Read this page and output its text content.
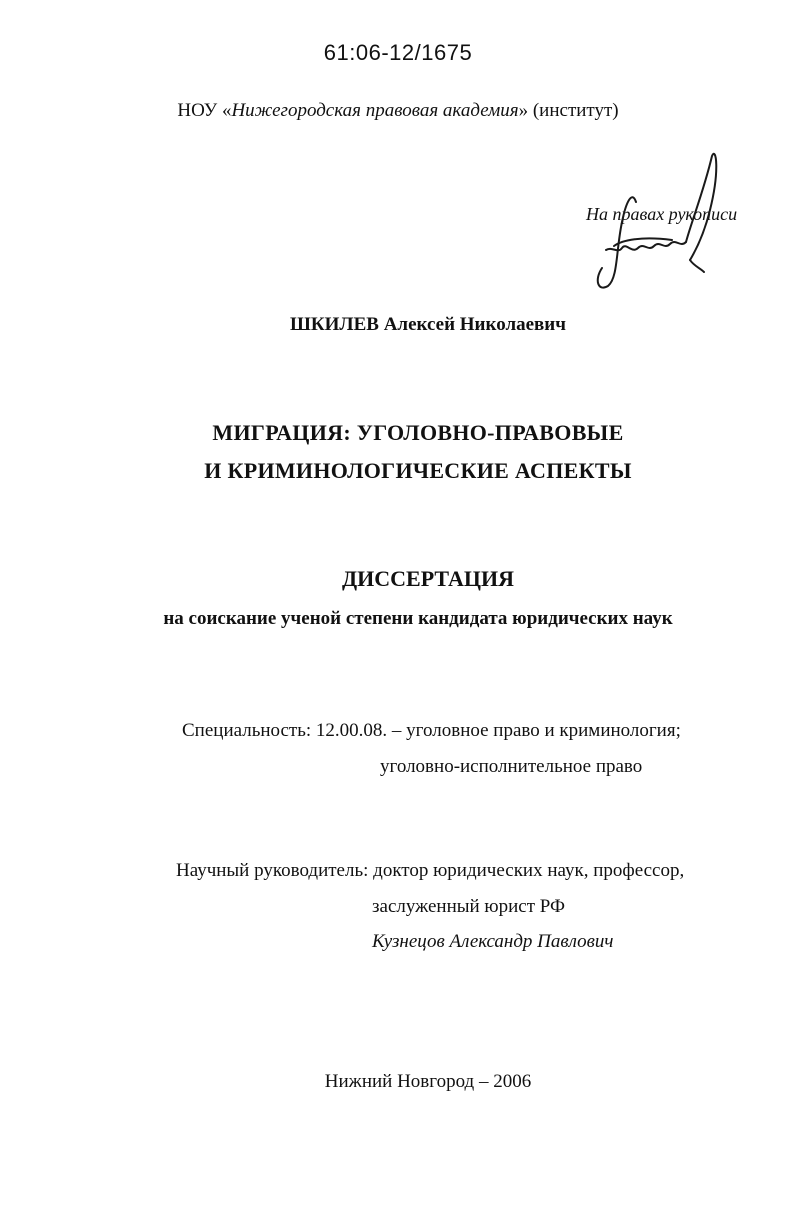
61:06-12/1675
НОУ «Нижегородская правовая академия» (институт)
На правах рукописи
ШКИЛЕВ Алексей Николаевич
МИГРАЦИЯ: УГОЛОВНО-ПРАВОВЫЕ
И КРИМИНОЛОГИЧЕСКИЕ АСПЕКТЫ
ДИССЕРТАЦИЯ
на соискание ученой степени кандидата юридических наук
Специальность: 12.00.08. – уголовное право и криминология;
уголовно-исполнительное право
Научный руководитель: доктор юридических наук, профессор,
заслуженный юрист РФ
Кузнецов Александр Павлович
Нижний Новгород – 2006
